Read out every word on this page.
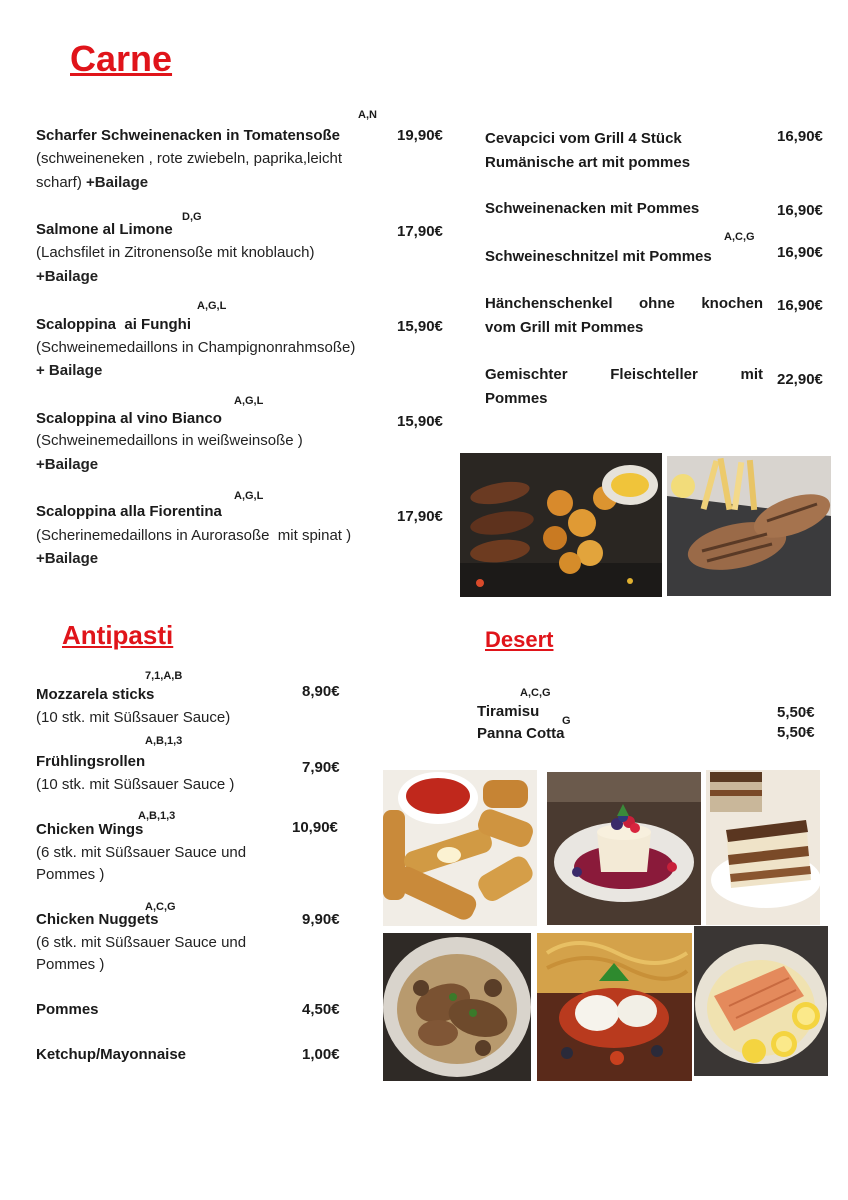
Carne
A,N
Scharfer Schweinenacken in Tomatensoße	19,90€
(schweineneken , rote zwiebeln, paprika,leicht
scharf) +Bailage
D,G
Salmone al Limone	17,90€
(Lachsfilet in Zitronensoße mit knoblauch)
+Bailage
A,G,L
Scaloppina  ai Funghi	15,90€
(Schweinemedaillons in Champignonrahmsoße)
+ Bailage
A,G,L
Scaloppina al vino Bianco	15,90€
(Schweinemedaillons in weißweinsoße )
+Bailage
A,G,L
Scaloppina alla Fiorentina	17,90€
(Scherinemedaillons in Aurorasoße  mit spinat )
+Bailage
Cevapcici vom Grill 4 Stück
Rumänische art mit pommes
16,90€
Schweinenacken mit Pommes	16,90€
A,C,G
Schweineschnitzel mit Pommes	16,90€
Hänchenschenkel ohne knochen
vom Grill mit Pommes
16,90€
Gemischter	Fleischteller	mit
Pommes
22,90€
Antipasti
7,1,A,B
Mozzarela sticks	8,90€
(10 stk. mit Süßsauer Sauce)
A,B,1,3
Frühlingsrollen	7,90€
(10 stk. mit Süßsauer Sauce )
A,B,1,3
Chicken Wings	10,90€
(6 stk. mit Süßsauer Sauce und
Pommes )
A,C,G
Chicken Nuggets	9,90€
(6 stk. mit Süßsauer Sauce und
Pommes )
Pommes	4,50€
Ketchup/Mayonnaise	1,00€
Desert
A,C,G
Tiramisu	5,50€
G
Panna Cotta	5,50€
